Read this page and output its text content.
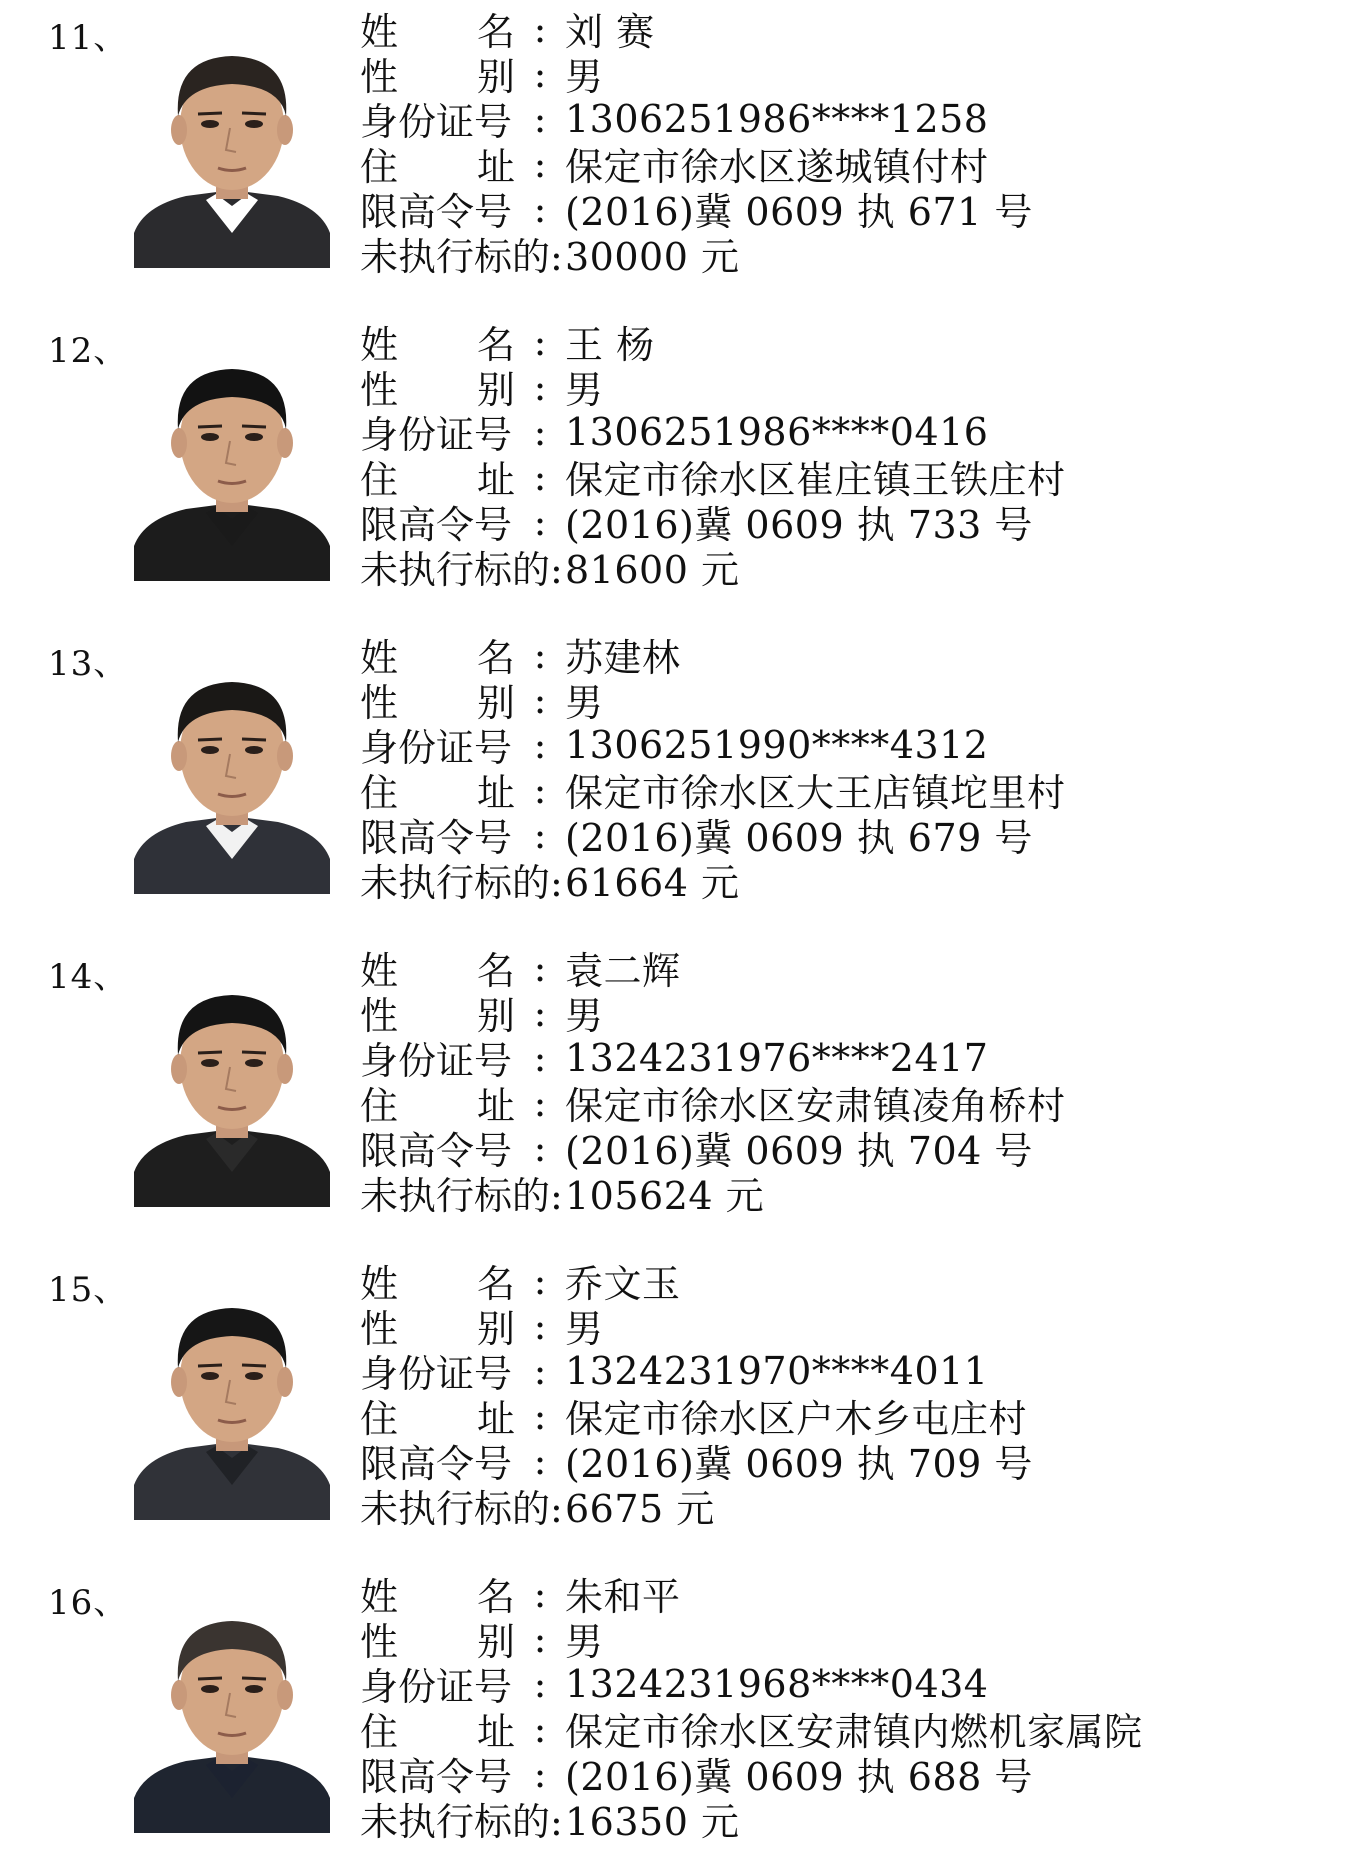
11、	姓 名 : 刘 赛
性 别 : 男
身份证号 : 1306251986****1258
住 址 : 保定市徐水区遂城镇付村
限高令号 : (2016)冀 0609 执 671 号
未执行标的: 30000 元
12、	姓 名 : 王 杨
性 别 : 男
身份证号 : 1306251986****0416
住 址 : 保定市徐水区崔庄镇王铁庄村
限高令号 : (2016)冀 0609 执 733 号
未执行标的: 81600 元
13、	姓 名 : 苏建林
性 别 : 男
身份证号 : 1306251990****4312
住 址 : 保定市徐水区大王店镇坨里村
限高令号 : (2016)冀 0609 执 679 号
未执行标的: 61664 元
14、	姓 名 : 袁二辉
性 别 : 男
身份证号 : 1324231976****2417
住 址 : 保定市徐水区安肃镇凌角桥村
限高令号 : (2016)冀 0609 执 704 号
未执行标的: 105624 元
15、	姓 名 : 乔文玉
性 别 : 男
身份证号 : 1324231970****4011
住 址 : 保定市徐水区户木乡屯庄村
限高令号 : (2016)冀 0609 执 709 号
未执行标的: 6675 元
16、	姓 名 : 朱和平
性 别 : 男
身份证号 : 1324231968****0434
住 址 : 保定市徐水区安肃镇内燃机家属院
限高令号 : (2016)冀 0609 执 688 号
未执行标的: 16350 元
